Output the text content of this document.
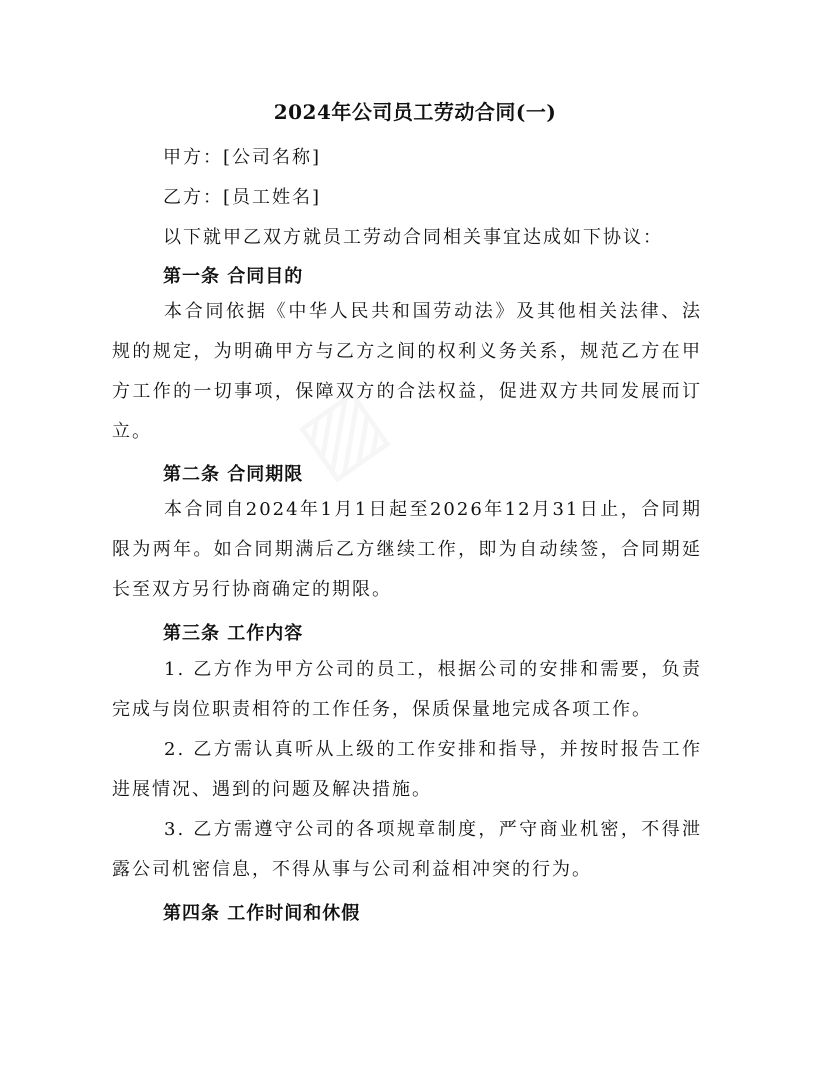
2024年公司员工劳动合同(一)
甲方：[公司名称]
乙方：[员工姓名]
以下就甲乙双方就员工劳动合同相关事宜达成如下协议：
第一条 合同目的
本合同依据《中华人民共和国劳动法》及其他相关法律、法规的规定，为明确甲方与乙方之间的权利义务关系，规范乙方在甲方工作的一切事项，保障双方的合法权益，促进双方共同发展而订立。
第二条 合同期限
本合同自2024年1月1日起至2026年12月31日止，合同期限为两年。如合同期满后乙方继续工作，即为自动续签，合同期延长至双方另行协商确定的期限。
第三条 工作内容
1. 乙方作为甲方公司的员工，根据公司的安排和需要，负责完成与岗位职责相符的工作任务，保质保量地完成各项工作。
2. 乙方需认真听从上级的工作安排和指导，并按时报告工作进展情况、遇到的问题及解决措施。
3. 乙方需遵守公司的各项规章制度，严守商业机密，不得泄露公司机密信息，不得从事与公司利益相冲突的行为。
第四条 工作时间和休假
